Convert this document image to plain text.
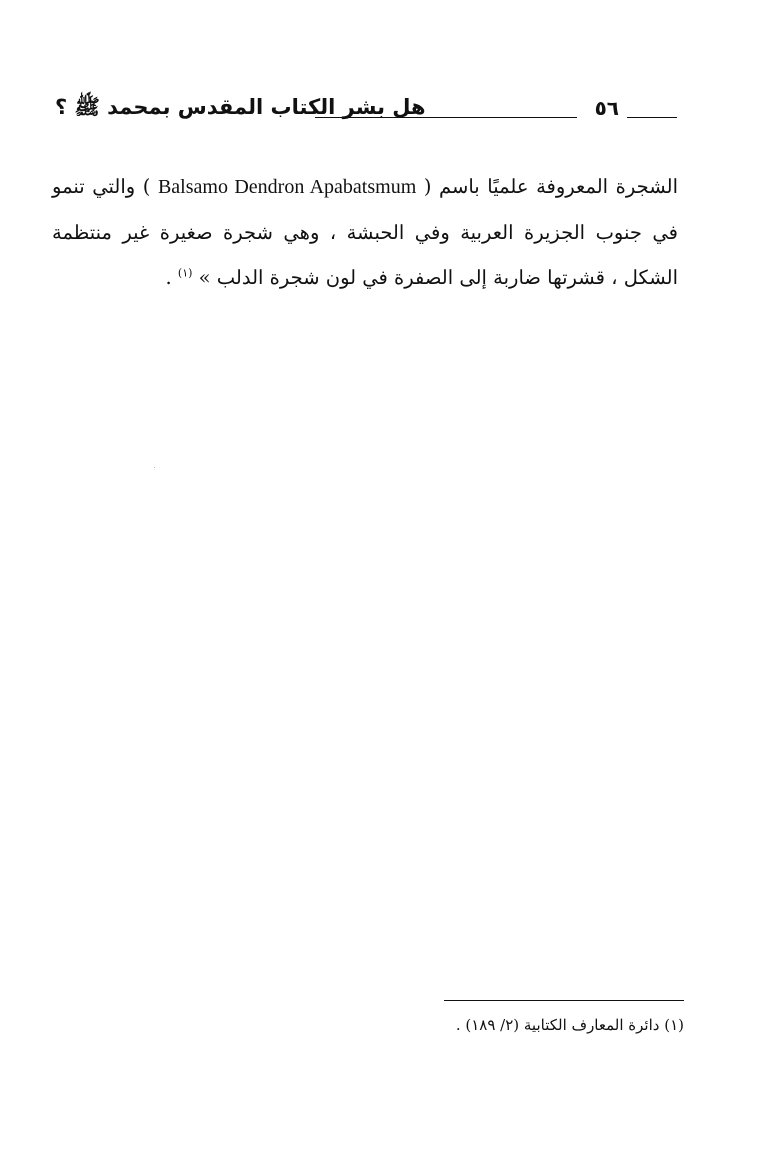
٥٦
هل بشر الكتاب المقدس بمحمد ﷺ ؟
الشجرة المعروفة علميًا باسم ( Balsamo Dendron Apabatsmum ) والتي تنمو في جنوب الجزيرة العربية وفي الحبشة ، وهي شجرة صغيرة غير منتظمة الشكل ، قشرتها ضاربة إلى الصفرة في لون شجرة الدلب » $^{(١)}$ .
(١) دائرة المعارف الكتابية (٢/ ١٨٩) .
